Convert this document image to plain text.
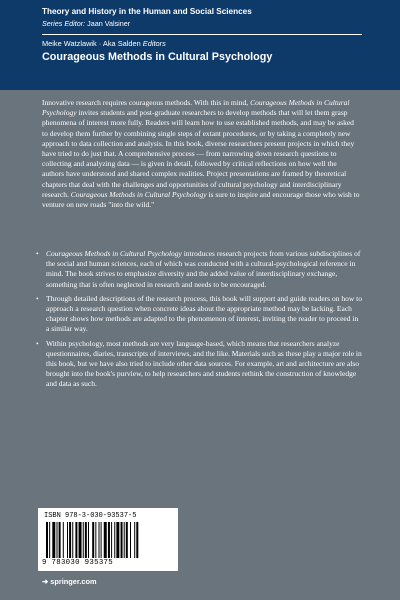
Theory and History in the Human and Social Sciences
Series Editor: Jaan Valsiner
Meike Watzlawik · Aka Salden Editors
Courageous Methods in Cultural Psychology

Innovative research requires courageous methods. With this in mind, Courageous Methods in Cultural Psychology invites students and post-graduate researchers to develop methods that will let them grasp phenomena of interest more fully. Readers will learn how to use established methods, and may be asked to develop them further by combining single steps of extant procedures, or by taking a completely new approach to data collection and analysis. In this book, diverse researchers present projects in which they have tried to do just that. A comprehensive process — from narrowing down research questions to collecting and analyzing data — is given in detail, followed by critical reflections on how well the authors have understood and shared complex realities. Project presentations are framed by theoretical chapters that deal with the challenges and opportunities of cultural psychology and interdisciplinary research. Courageous Methods in Cultural Psychology is sure to inspire and encourage those who wish to venture on new roads "into the wild."

• Courageous Methods in Cultural Psychology introduces research projects from various subdisciplines of the social and human sciences, each of which was conducted with a cultural-psychological reference in mind. The book strives to emphasize diversity and the added value of interdisciplinary exchange, something that is often neglected in research and needs to be encouraged.
• Through detailed descriptions of the research process, this book will support and guide readers on how to approach a research question when concrete ideas about the appropriate method may be lacking. Each chapter shows how methods are adapted to the phenomenon of interest, inviting the reader to proceed in a similar way.
• Within psychology, most methods are very language-based, which means that researchers analyze questionnaires, diaries, transcripts of interviews, and the like. Materials such as these play a major role in this book, but we have also tried to include other data sources. For example, art and architecture are also brought into the book's purview, to help researchers and students rethink the construction of knowledge and data as such.
ISBN 978-3-030-93537-5
9 783030 935375
➜ springer.com
